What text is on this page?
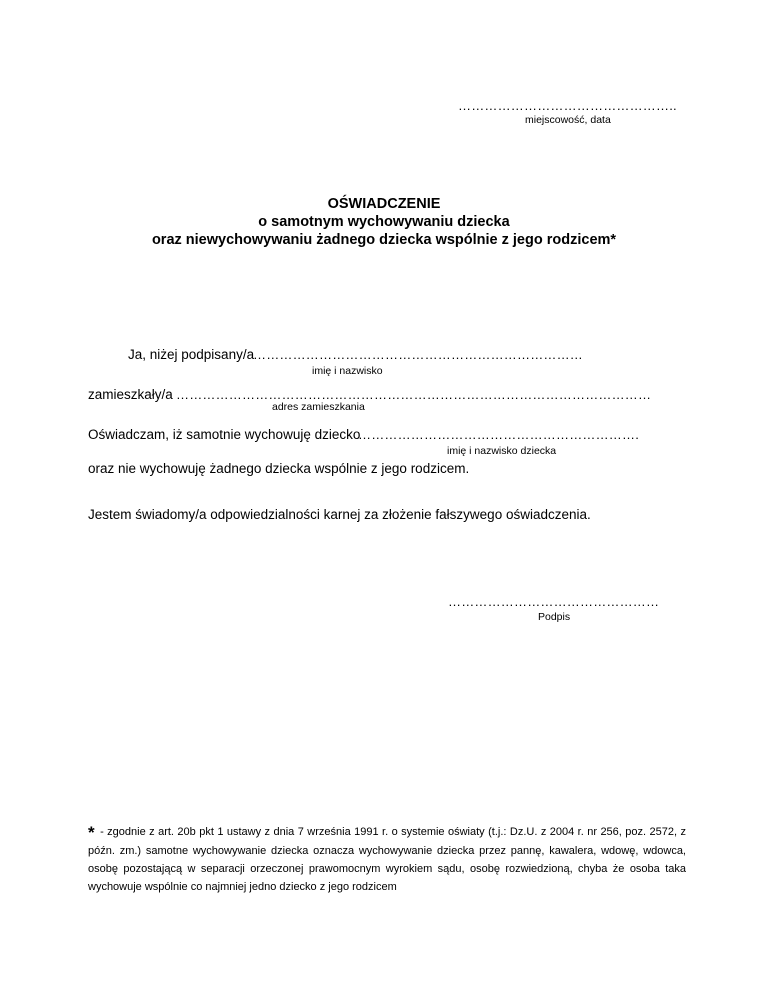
…………………………………………..
miejscowość, data
OŚWIADCZENIE
o samotnym wychowywaniu dziecka
oraz niewychowywaniu żadnego dziecka wspólnie z jego rodzicem*
Ja, niżej podpisany/a
…………………………………………………………………
imię i nazwisko
zamieszkały/a ………………………………………………………………………………………………
adres zamieszkania
Oświadczam, iż samotnie wychowuję dziecko
……………………………………………………….
imię i nazwisko dziecka
oraz nie wychowuję żadnego dziecka wspólnie z jego rodzicem.
Jestem świadomy/a odpowiedzialności karnej za złożenie fałszywego oświadczenia.
…………………………………………
Podpis
* - zgodnie z art. 20b pkt 1 ustawy z dnia 7 września 1991 r. o systemie oświaty (t.j.: Dz.U. z 2004 r. nr 256, poz. 2572, z późn. zm.) samotne wychowywanie dziecka oznacza wychowywanie dziecka przez pannę, kawalera, wdowę, wdowca, osobę pozostającą w separacji orzeczonej prawomocnym wyrokiem sądu, osobę rozwiedzioną, chyba że osoba taka wychowuje wspólnie co najmniej jedno dziecko z jego rodzicem
